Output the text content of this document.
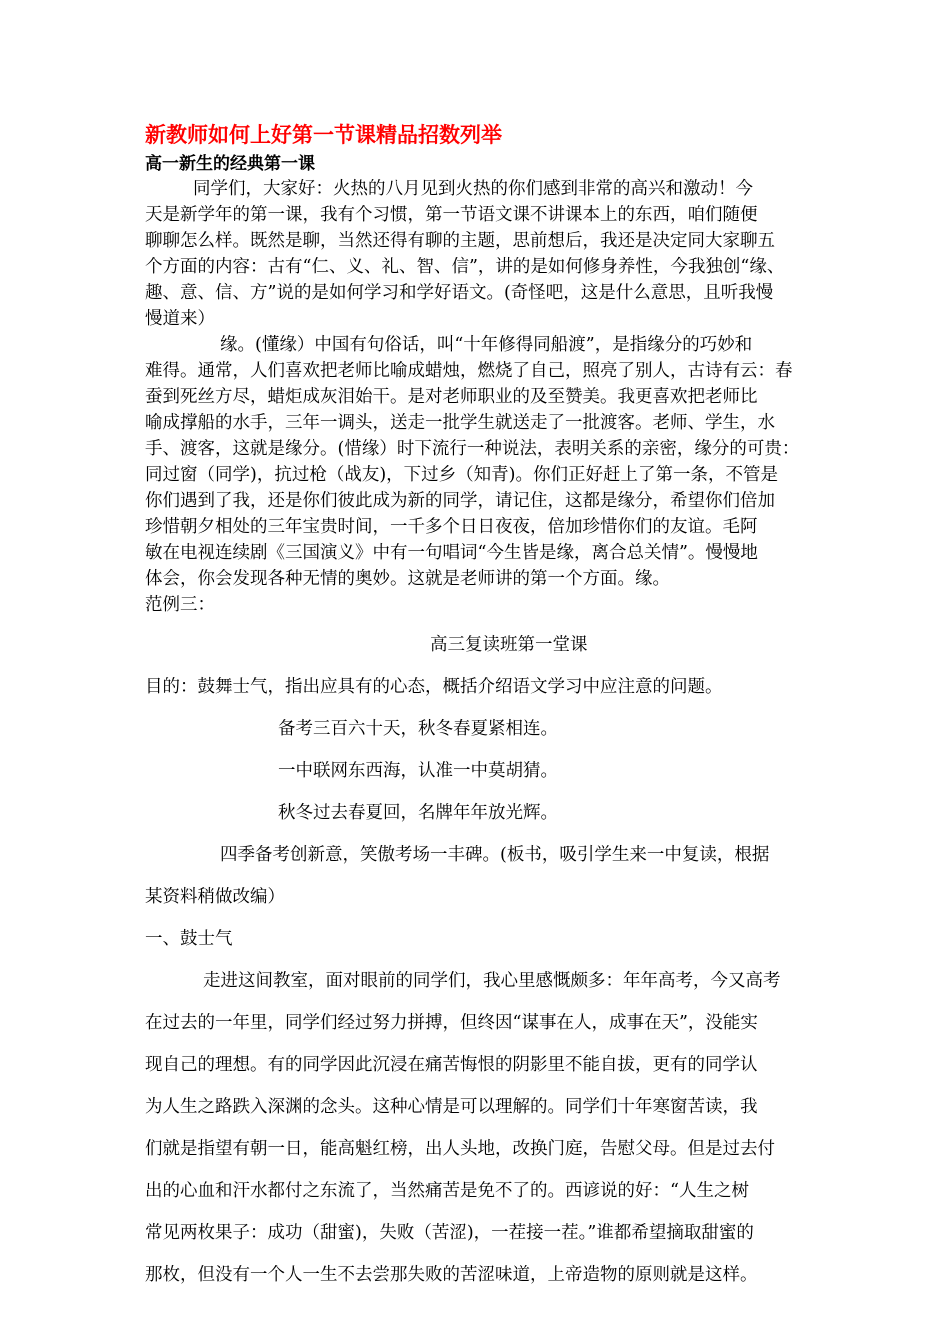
新教师如何上好第一节课精品招数列举
高一新生的经典第一课
同学们，大家好：火热的八月见到火热的你们感到非常的高兴和激动！今
天是新学年的第一课，我有个习惯，第一节语文课不讲课本上的东西，咱们随便
聊聊怎么样。既然是聊，当然还得有聊的主题，思前想后，我还是决定同大家聊五
个方面的内容：古有“仁、义、礼、智、信”，讲的是如何修身养性，今我独创“缘、
趣、意、信、方”说的是如何学习和学好语文。(奇怪吧，这是什么意思，且听我慢
慢道来）
缘。(懂缘）中国有句俗话，叫“十年修得同船渡”，是指缘分的巧妙和
难得。通常，人们喜欢把老师比喻成蜡烛，燃烧了自己，照亮了别人，古诗有云：春
蚕到死丝方尽，蜡炬成灰泪始干。是对老师职业的及至赞美。我更喜欢把老师比
喻成撑船的水手，三年一调头，送走一批学生就送走了一批渡客。老师、学生，水
手、渡客，这就是缘分。(惜缘）时下流行一种说法，表明关系的亲密，缘分的可贵：
同过窗（同学)，抗过枪（战友)，下过乡（知青)。你们正好赶上了第一条，不管是
你们遇到了我，还是你们彼此成为新的同学，请记住，这都是缘分，希望你们倍加
珍惜朝夕相处的三年宝贵时间，一千多个日日夜夜，倍加珍惜你们的友谊。毛阿
敏在电视连续剧《三国演义》中有一句唱词“今生皆是缘，离合总关情”。慢慢地
体会，你会发现各种无情的奥妙。这就是老师讲的第一个方面。缘。
范例三：
高三复读班第一堂课
目的：鼓舞士气，指出应具有的心态，概括介绍语文学习中应注意的问题。
备考三百六十天，秋冬春夏紧相连。
一中联网东西海，认准一中莫胡猜。
秋冬过去春夏回，名牌年年放光辉。
四季备考创新意，笑傲考场一丰碑。(板书，吸引学生来一中复读，根据
某资料稍做改编）
一、鼓士气
走进这间教室，面对眼前的同学们，我心里感慨颇多：年年高考，今又高考
在过去的一年里，同学们经过努力拼搏，但终因“谋事在人，成事在天”，没能实
现自己的理想。有的同学因此沉浸在痛苦悔恨的阴影里不能自拔，更有的同学认
为人生之路跌入深渊的念头。这种心情是可以理解的。同学们十年寒窗苦读，我
们就是指望有朝一日，能高魁红榜，出人头地，改换门庭，告慰父母。但是过去付
出的心血和汗水都付之东流了，当然痛苦是免不了的。西谚说的好：“人生之树
常见两枚果子：成功（甜蜜)，失败（苦涩)，一茬接一茬。”谁都希望摘取甜蜜的
那枚，但没有一个人一生不去尝那失败的苦涩味道，上帝造物的原则就是这样。
